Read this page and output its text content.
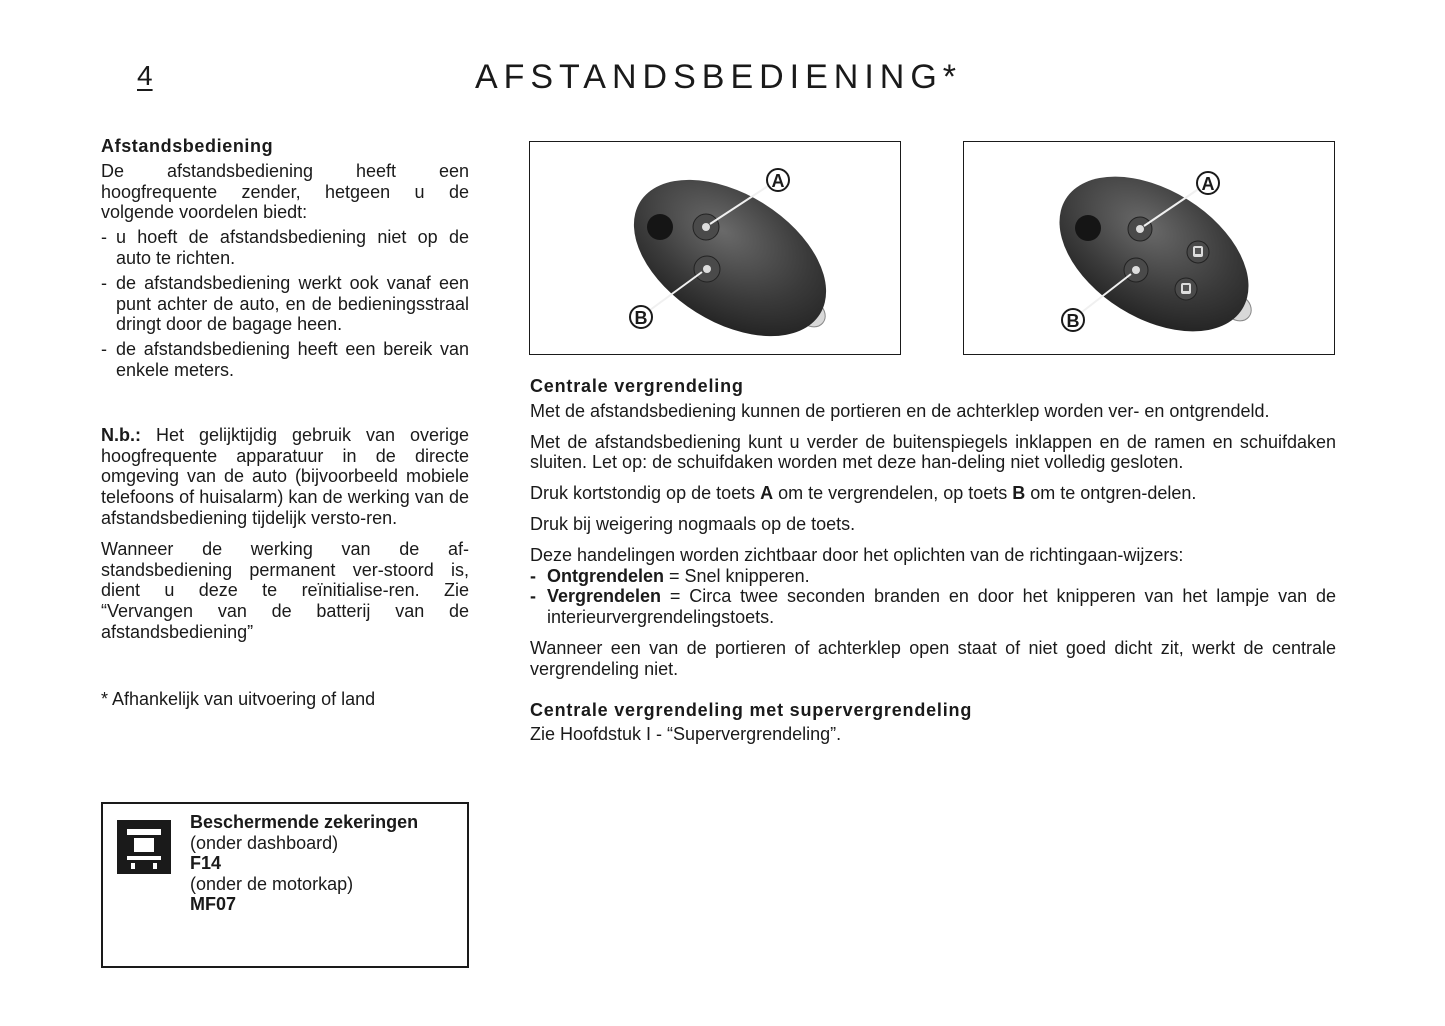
4	AFSTANDSBEDIENING*
Afstandsbediening

De afstandsbediening heeft een hoogfrequente zender, hetgeen u de volgende voordelen biedt:

- u hoeft de afstandsbediening niet op de auto te richten.
- de afstandsbediening werkt ook vanaf een punt achter de auto, en de bedieningsstraal dringt door de bagage heen.
- de afstandsbediening heeft een bereik van enkele meters.

N.b.: Het gelijktijdig gebruik van overige hoogfrequente apparatuur in de directe omgeving van de auto (bijvoorbeeld mobiele telefoons of huisalarm) kan de werking van de afstandsbediening tijdelijk versto-ren.

Wanneer de werking van de af-standsbediening permanent ver-stoord is, dient u deze te reïnitialise-ren. Zie “Vervangen van de batterij van de afstandsbediening”

* Afhankelijk van uitvoering of land

Beschermende zekeringen
(onder dashboard)
F14
(onder de motorkap)
MF07
A
B
A
B
Centrale vergrendeling

Met de afstandsbediening kunnen de portieren en de achterklep worden ver- en ontgrendeld.

Met de afstandsbediening kunt u verder de buitenspiegels inklappen en de ramen en schuifdaken sluiten. Let op: de schuifdaken worden met deze han-deling niet volledig gesloten.

Druk kortstondig op de toets A om te vergrendelen, op toets B om te ontgren-delen.

Druk bij weigering nogmaals op de toets.

Deze handelingen worden zichtbaar door het oplichten van de richtingaan-wijzers:

- Ontgrendelen = Snel knipperen.
- Vergrendelen = Circa twee seconden branden en door het knipperen van het lampje van de interieurvergrendelingstoets.

Wanneer een van de portieren of achterklep open staat of niet goed dicht zit, werkt de centrale vergrendeling niet.

Centrale vergrendeling met supervergrendeling

Zie Hoofdstuk I - “Supervergrendeling”.
